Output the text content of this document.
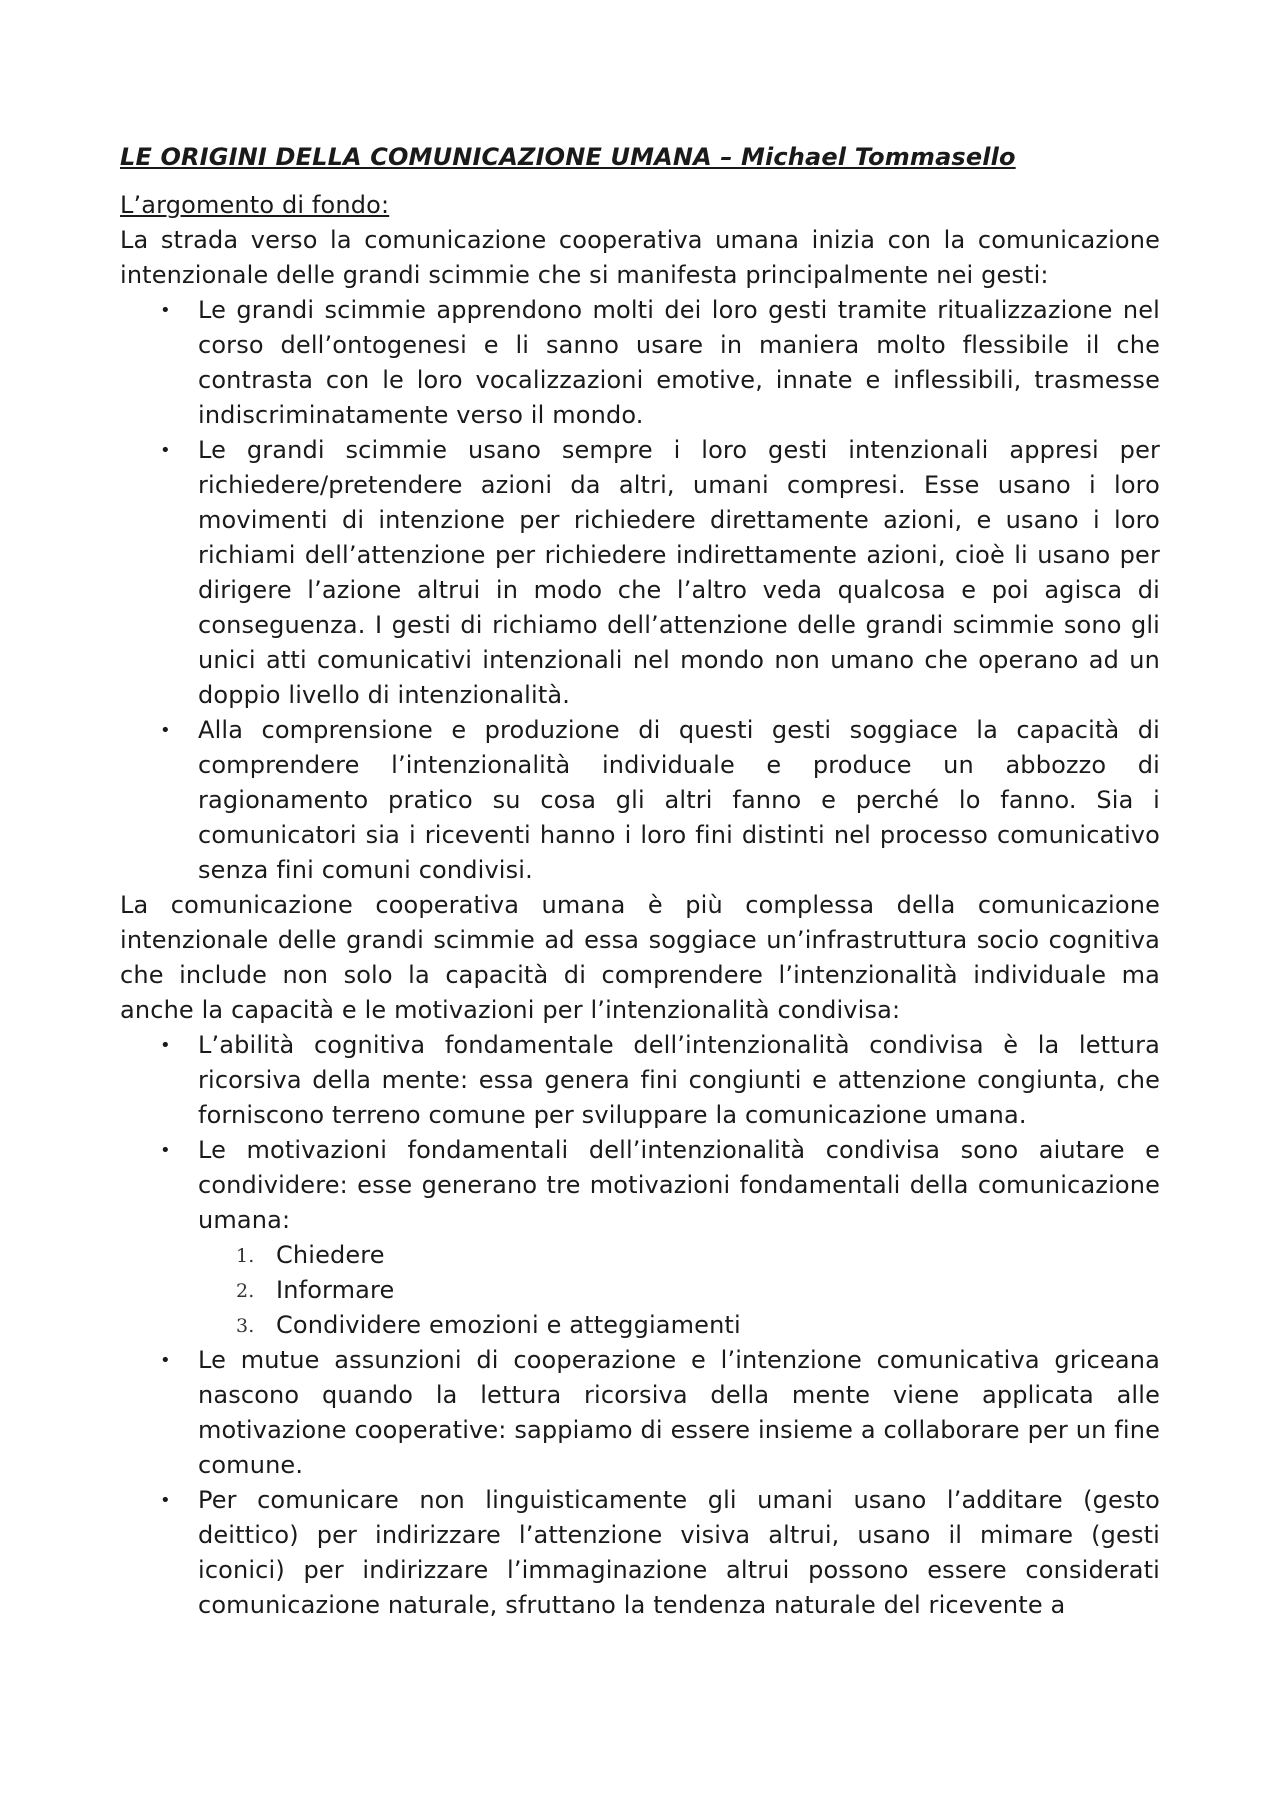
LE ORIGINI DELLA COMUNICAZIONE UMANA – Michael Tommasello

L’argomento di fondo:

La strada verso la comunicazione cooperativa umana inizia con la comunicazione intenzionale delle grandi scimmie che si manifesta principalmente nei gesti:

• Le grandi scimmie apprendono molti dei loro gesti tramite ritualizzazione nel corso dell’ontogenesi e li sanno usare in maniera molto flessibile il che contrasta con le loro vocalizzazioni emotive, innate e inflessibili, trasmesse indiscriminatamente verso il mondo.
• Le grandi scimmie usano sempre i loro gesti intenzionali appresi per richiedere/pretendere azioni da altri, umani compresi. Esse usano i loro movimenti di intenzione per richiedere direttamente azioni, e usano i loro richiami dell’attenzione per richiedere indirettamente azioni, cioè li usano per dirigere l’azione altrui in modo che l’altro veda qualcosa e poi agisca di conseguenza. I gesti di richiamo dell’attenzione delle grandi scimmie sono gli unici atti comunicativi intenzionali nel mondo non umano che operano ad un doppio livello di intenzionalità.
• Alla comprensione e produzione di questi gesti soggiace la capacità di comprendere l’intenzionalità individuale e produce un abbozzo di ragionamento pratico su cosa gli altri fanno e perché lo fanno. Sia i comunicatori sia i riceventi hanno i loro fini distinti nel processo comunicativo senza fini comuni condivisi.

La comunicazione cooperativa umana è più complessa della comunicazione intenzionale delle grandi scimmie ad essa soggiace un’infrastruttura socio cognitiva che include non solo la capacità di comprendere l’intenzionalità individuale ma anche la capacità e le motivazioni per l’intenzionalità condivisa:

• L’abilità cognitiva fondamentale dell’intenzionalità condivisa è la lettura ricorsiva della mente: essa genera fini congiunti e attenzione congiunta, che forniscono terreno comune per sviluppare la comunicazione umana.
• Le motivazioni fondamentali dell’intenzionalità condivisa sono aiutare e condividere: esse generano tre motivazioni fondamentali della comunicazione umana:
1. Chiedere
2. Informare
3. Condividere emozioni e atteggiamenti
• Le mutue assunzioni di cooperazione e l’intenzione comunicativa griceana nascono quando la lettura ricorsiva della mente viene applicata alle motivazione cooperative: sappiamo di essere insieme a collaborare per un fine comune.
• Per comunicare non linguisticamente gli umani usano l’additare (gesto deittico) per indirizzare l’attenzione visiva altrui, usano il mimare (gesti iconici) per indirizzare l’immaginazione altrui possono essere considerati comunicazione naturale, sfruttano la tendenza naturale del ricevente a
